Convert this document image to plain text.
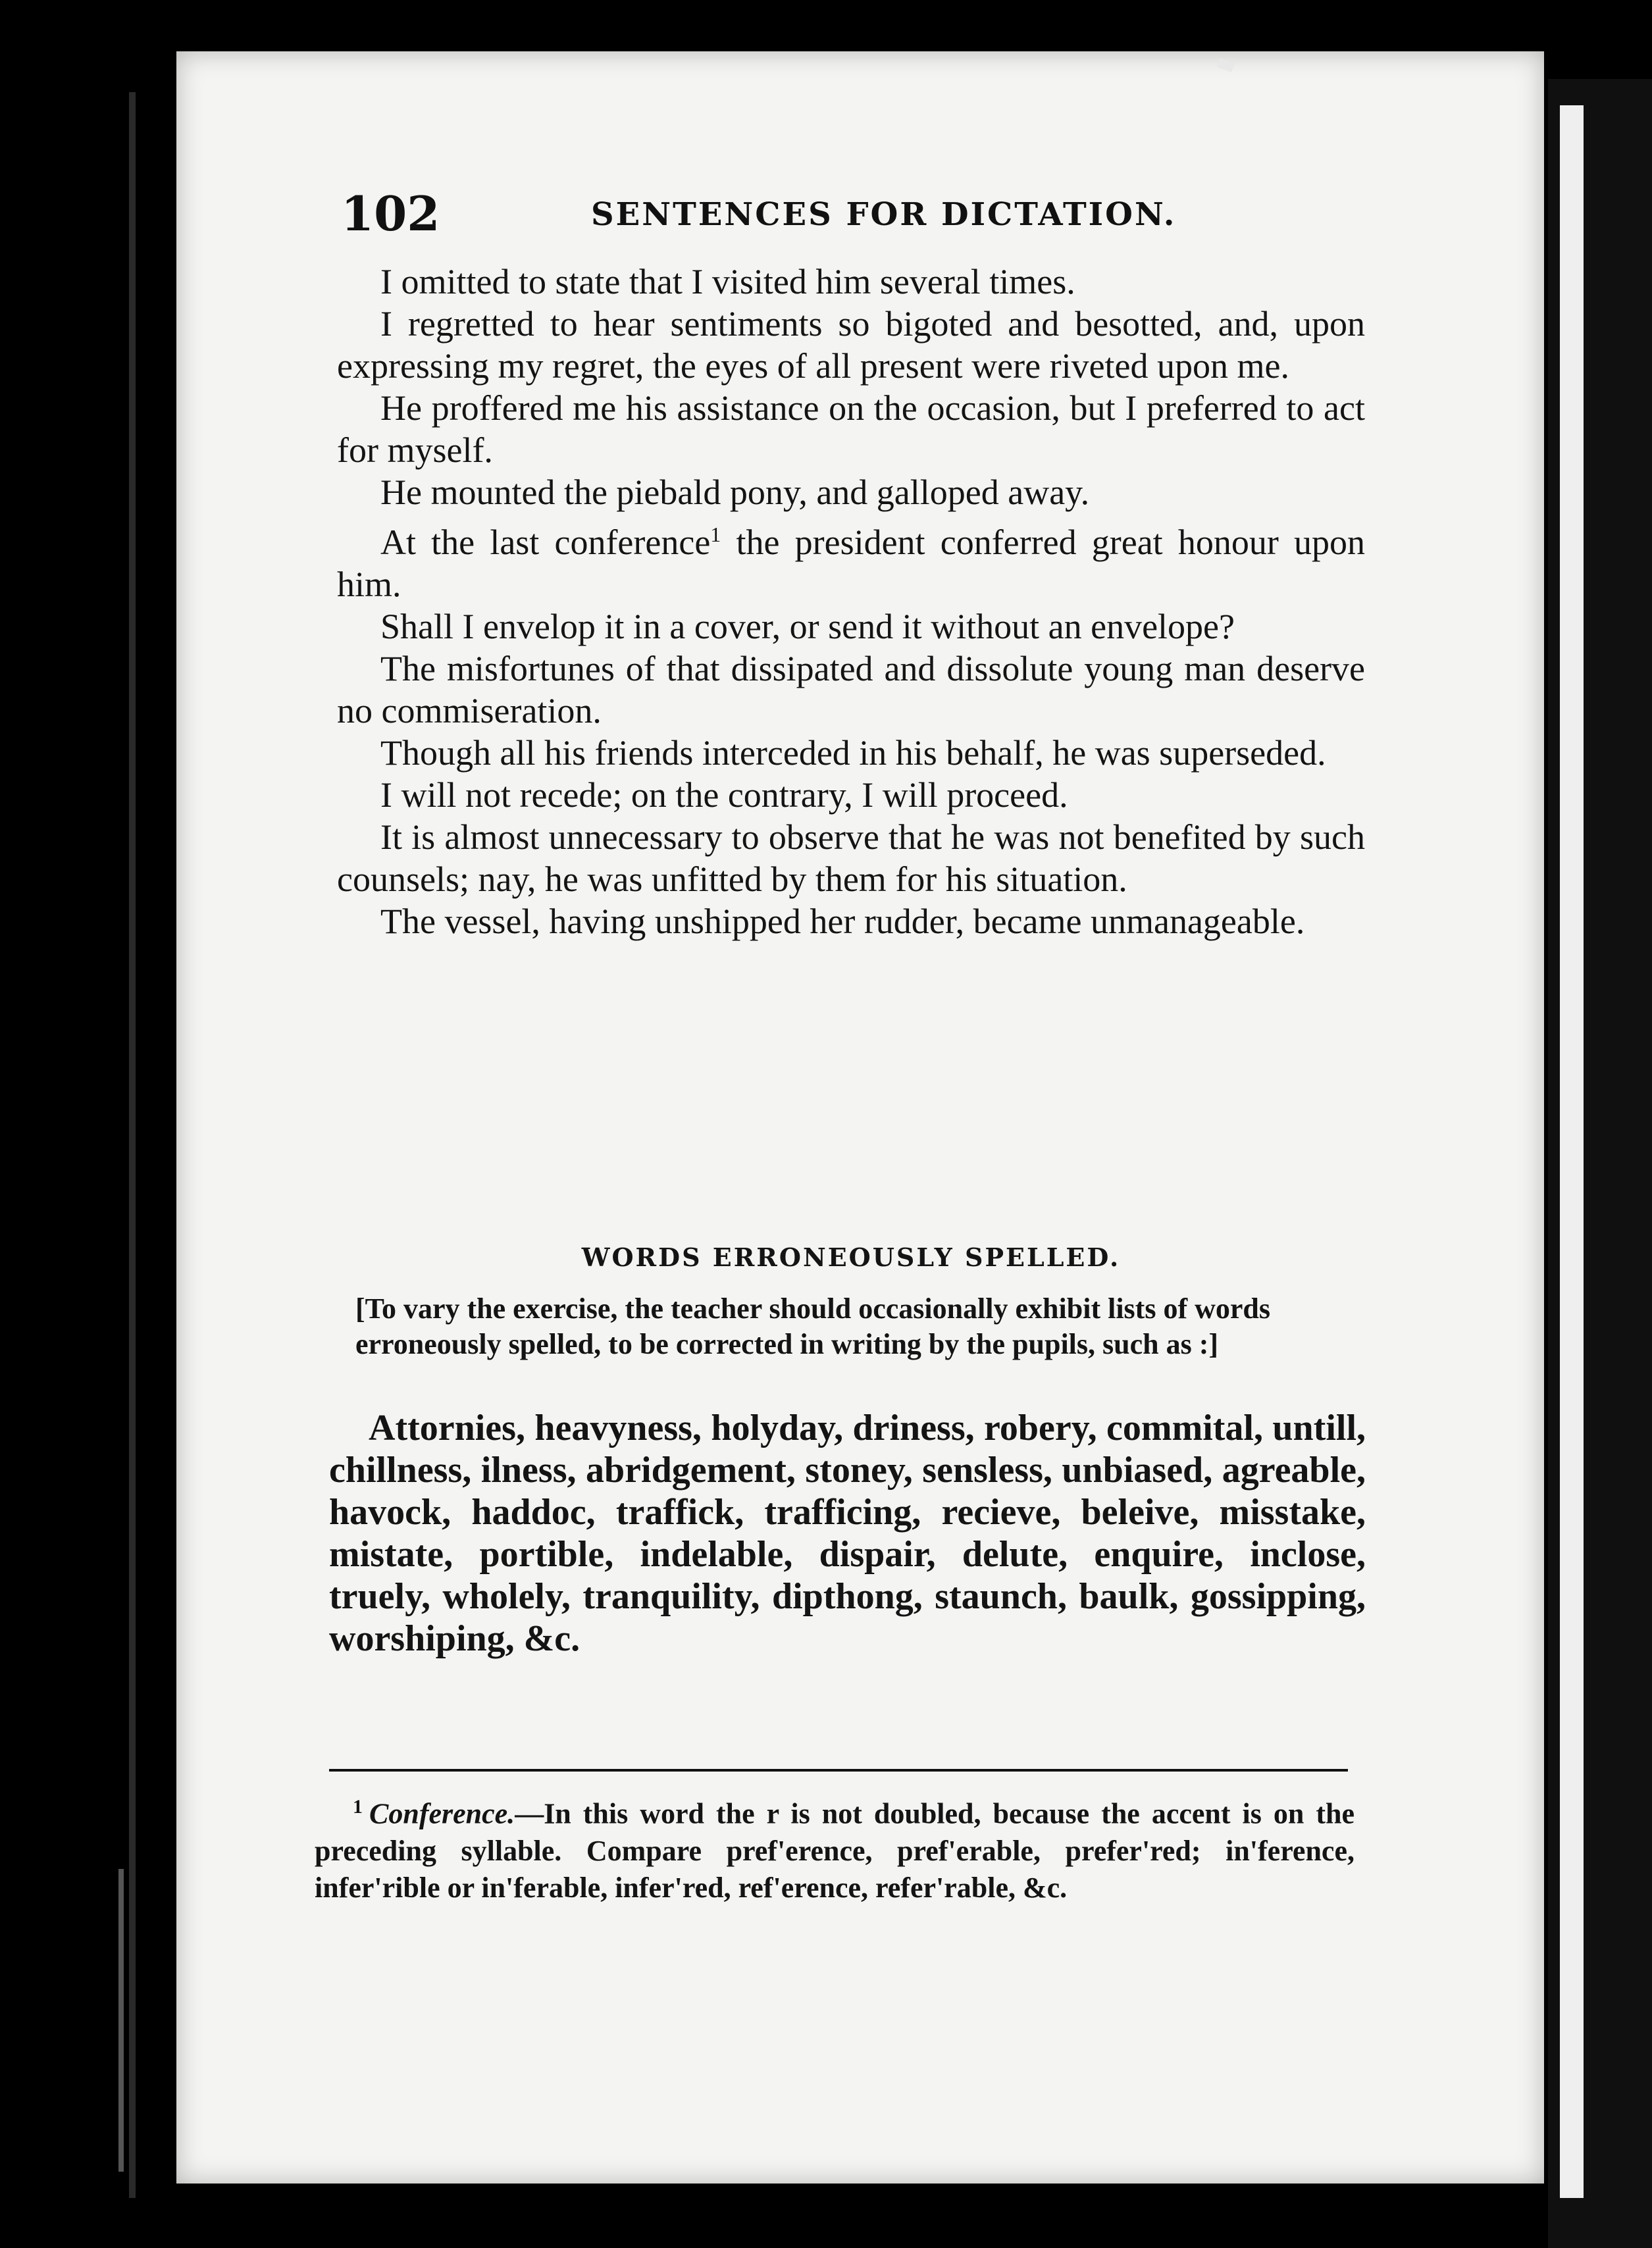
102	SENTENCES FOR DICTATION.

I omitted to state that I visited him several times.

I regretted to hear sentiments so bigoted and besotted, and, upon expressing my regret, the eyes of all present were riveted upon me.

He proffered me his assistance on the occasion, but I preferred to act for myself.

He mounted the piebald pony, and galloped away.

At the last conference$^1$ the president conferred great honour upon him.

Shall I envelop it in a cover, or send it without an envelope?

The misfortunes of that dissipated and dissolute young man deserve no commiseration.

Though all his friends interceded in his behalf, he was superseded.

I will not recede; on the contrary, I will proceed.

It is almost unnecessary to observe that he was not benefited by such counsels; nay, he was unfitted by them for his situation.

The vessel, having unshipped her rudder, became unmanageable.

WORDS ERRONEOUSLY SPELLED.
[To vary the exercise, the teacher should occasionally exhibit lists of words erroneously spelled, to be corrected in writing by the pupils, such as :]
Attornies, heavyness, holyday, driness, robery, commital, untill, chillness, ilness, abridgement, stoney, sensless, unbiased, agreable, havock, haddoc, traffick, trafficing, recieve, beleive, misstake, mistate, portible, indelable, dispair, delute, enquire, inclose, truely, wholely, tranquility, dipthong, staunch, baulk, gossipping, worshiping, &c.
$^1$ Conference.—In this word the r is not doubled, because the accent is on the preceding syllable. Compare pref'erence, pref'erable, prefer'red; in'ference, infer'rible or in'ferable, infer'red, ref'erence, refer'rable, &c.
